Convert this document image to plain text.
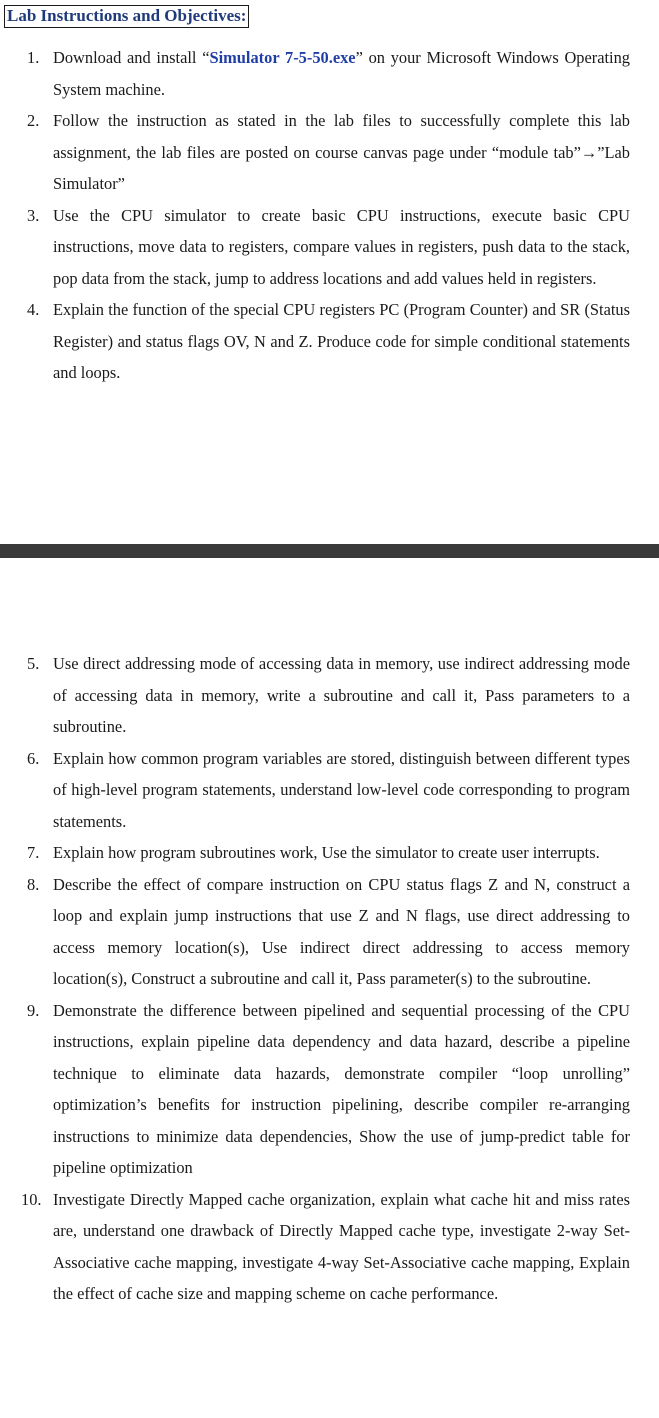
Lab Instructions and Objectives:
1. Download and install “Simulator 7-5-50.exe” on your Microsoft Windows Operating System machine.
2. Follow the instruction as stated in the lab files to successfully complete this lab assignment, the lab files are posted on course canvas page under “module tab”→”Lab Simulator”
3. Use the CPU simulator to create basic CPU instructions, execute basic CPU instructions, move data to registers, compare values in registers, push data to the stack, pop data from the stack, jump to address locations and add values held in registers.
4. Explain the function of the special CPU registers PC (Program Counter) and SR (Status Register) and status flags OV, N and Z. Produce code for simple conditional statements and loops.
5. Use direct addressing mode of accessing data in memory, use indirect addressing mode of accessing data in memory, write a subroutine and call it, Pass parameters to a subroutine.
6. Explain how common program variables are stored, distinguish between different types of high-level program statements, understand low-level code corresponding to program statements.
7. Explain how program subroutines work, Use the simulator to create user interrupts.
8. Describe the effect of compare instruction on CPU status flags Z and N, construct a loop and explain jump instructions that use Z and N flags, use direct addressing to access memory location(s), Use indirect direct addressing to access memory location(s), Construct a subroutine and call it, Pass parameter(s) to the subroutine.
9. Demonstrate the difference between pipelined and sequential processing of the CPU instructions, explain pipeline data dependency and data hazard, describe a pipeline technique to eliminate data hazards, demonstrate compiler “loop unrolling” optimization’s benefits for instruction pipelining, describe compiler re-arranging instructions to minimize data dependencies, Show the use of jump-predict table for pipeline optimization
10. Investigate Directly Mapped cache organization, explain what cache hit and miss rates are, understand one drawback of Directly Mapped cache type, investigate 2-way Set-Associative cache mapping, investigate 4-way Set-Associative cache mapping, Explain the effect of cache size and mapping scheme on cache performance.
